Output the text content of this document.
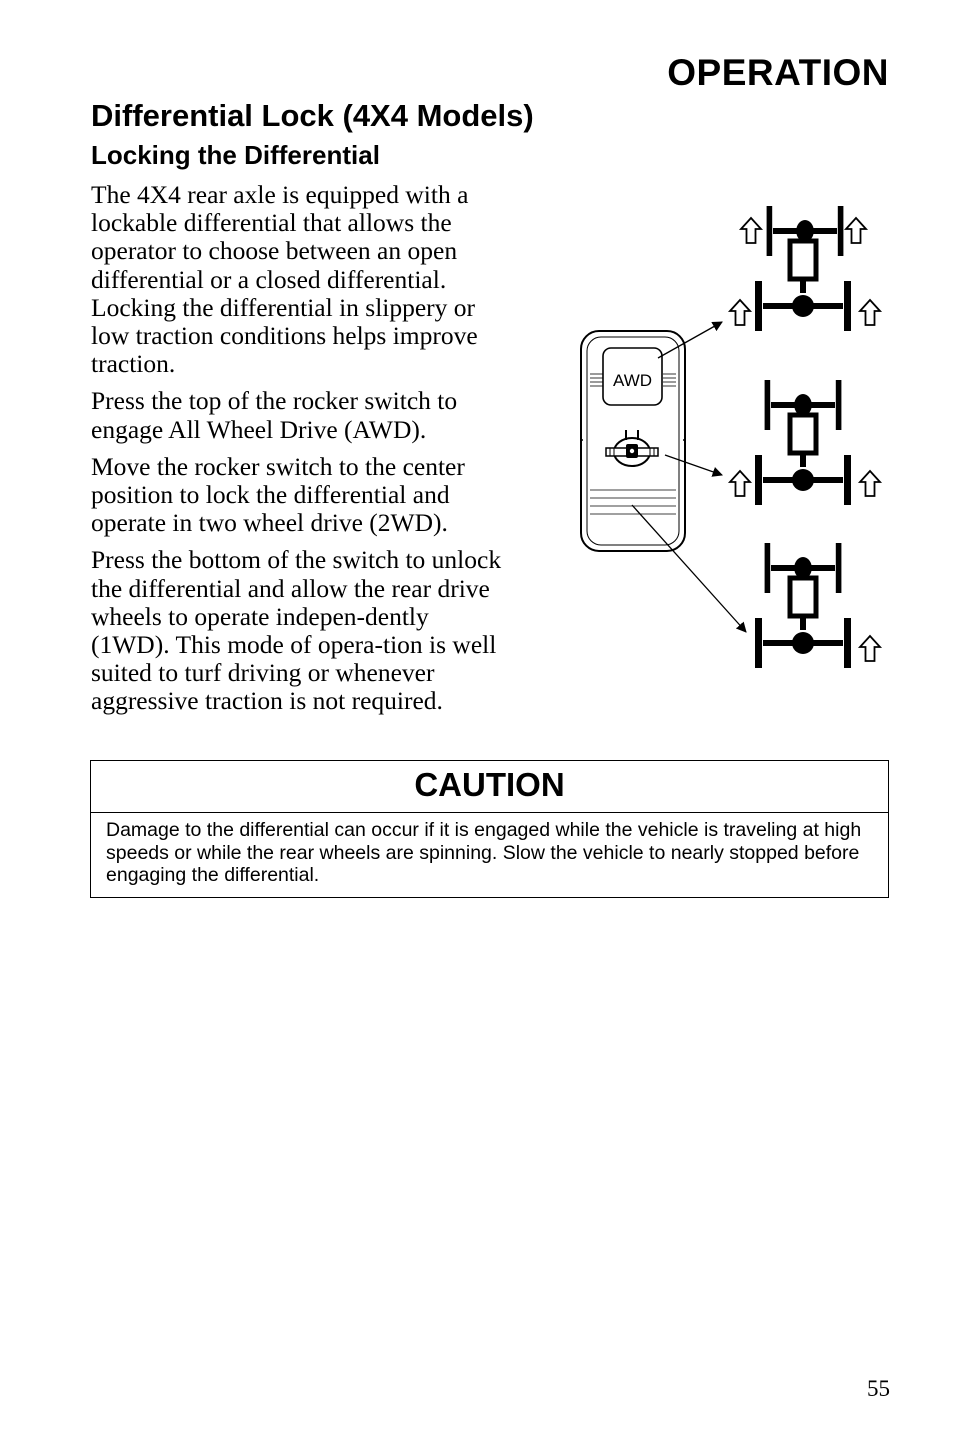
OPERATION
Differential Lock (4X4 Models)
Locking the Differential

The 4X4 rear axle is equipped with a lockable differential that allows the operator to choose between an open differential or a closed differential. Locking the differential in slippery or low traction conditions helps improve traction.

Press the top of the rocker switch to engage All Wheel Drive (AWD).

Move the rocker switch to the center position to lock the differential and operate in two wheel drive (2WD).

Press the bottom of the switch to unlock the differential and allow the rear drive wheels to operate indepen-dently (1WD). This mode of opera-tion is well suited to turf driving or whenever aggressive traction is not required.

AWD
CAUTION
Damage to the differential can occur if it is engaged while the vehicle is traveling at high speeds or while the rear wheels are spinning. Slow the vehicle to nearly stopped before engaging the differential.
55
